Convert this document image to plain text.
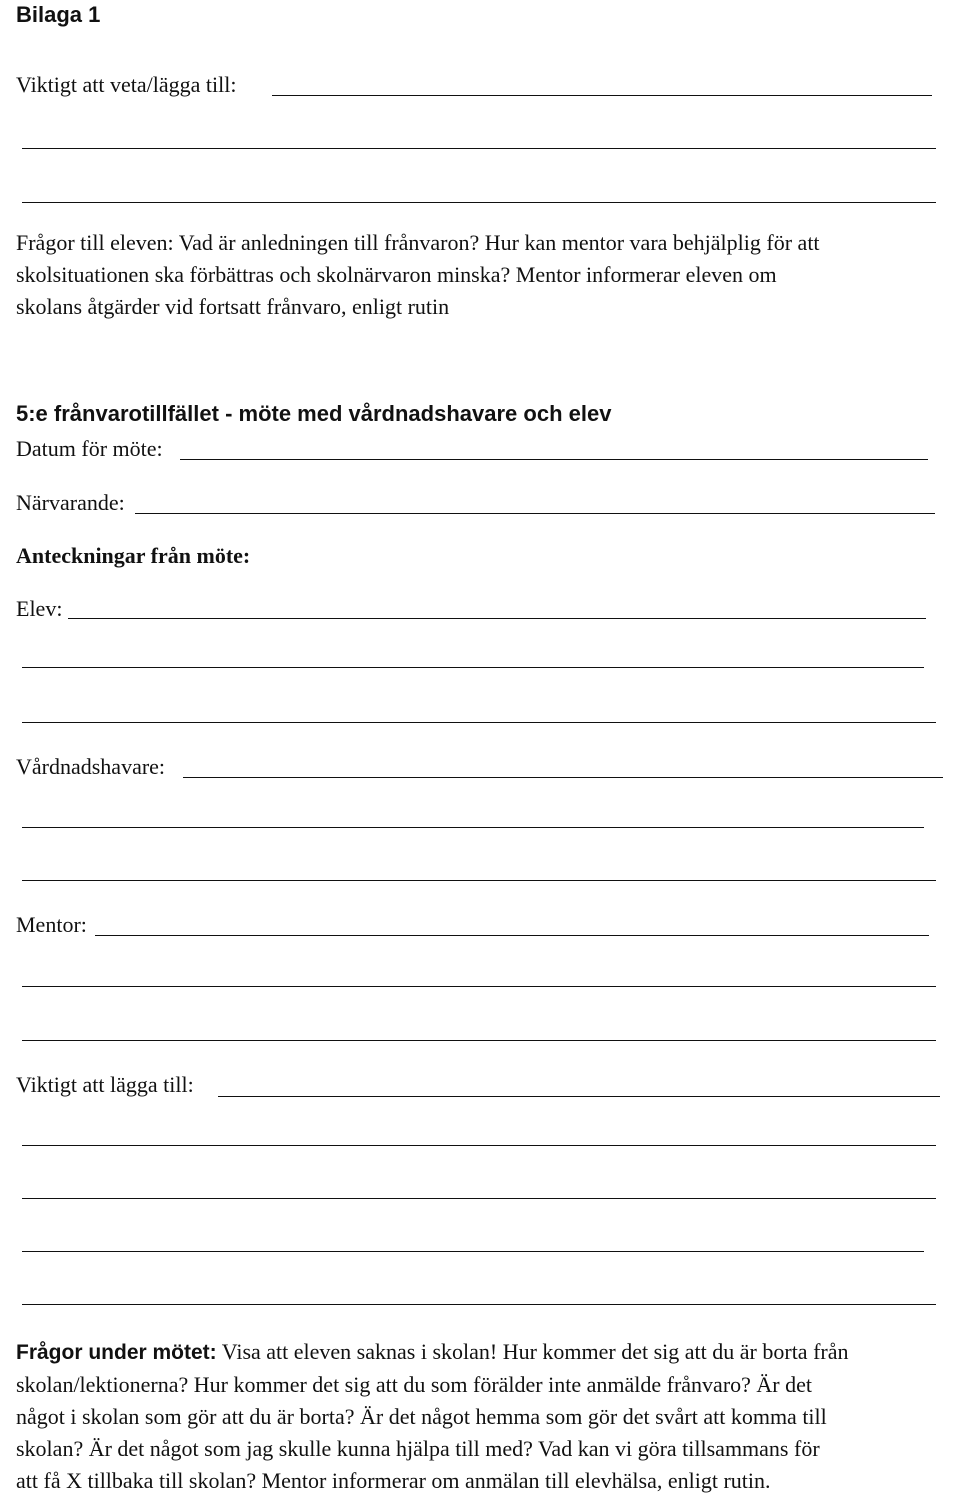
Bilaga 1
Viktigt att veta/lägga till:

Frågor till eleven: Vad är anledningen till frånvaron? Hur kan mentor vara behjälplig för att

skolsituationen ska förbättras och skolnärvaron minska? Mentor informerar eleven om

skolans åtgärder vid fortsatt frånvaro, enligt rutin

5:e frånvarotillfället - möte med vårdnadshavare och elev
Datum för möte:
Närvarande:
Anteckningar från möte:
Elev:
Vårdnadshavare:
Mentor:
Viktigt att lägga till:

Frågor under mötet: Visa att eleven saknas i skolan! Hur kommer det sig att du är borta från

skolan/lektionerna? Hur kommer det sig att du som förälder inte anmälde frånvaro? Är det

något i skolan som gör att du är borta? Är det något hemma som gör det svårt att komma till

skolan? Är det något som jag skulle kunna hjälpa till med? Vad kan vi göra tillsammans för

att få X tillbaka till skolan? Mentor informerar om anmälan till elevhälsa, enligt rutin.
